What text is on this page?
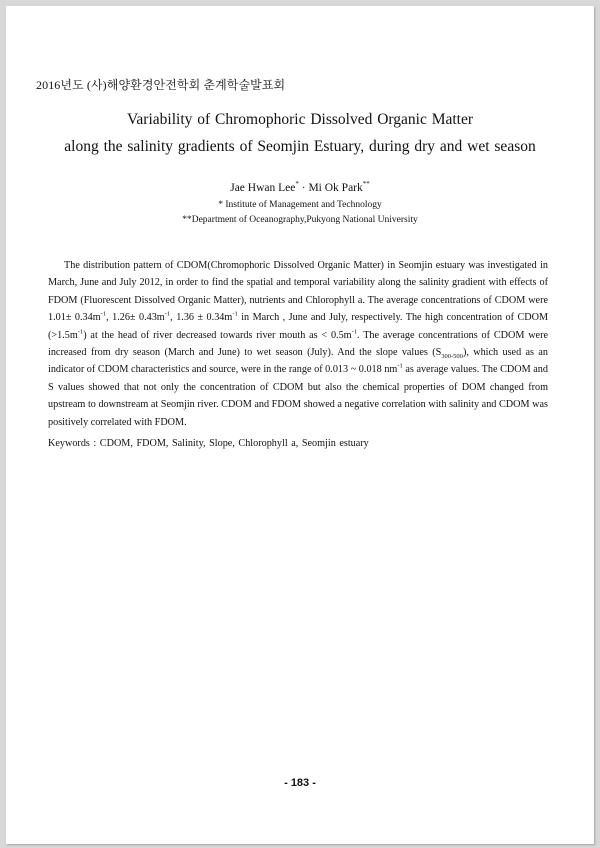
2016년도 (사)해양환경안전학회 춘계학술발표회
Variability of Chromophoric Dissolved Organic Matter
along the salinity gradients of Seomjin Estuary, during dry and wet season
Jae Hwan Lee* · Mi Ok Park**
* Institute of Management and Technology
**Department of Oceanography,Pukyong National University

The distribution pattern of CDOM(Chromophoric Dissolved Organic Matter) in Seomjin estuary was investigated in March, June and July 2012, in order to find the spatial and temporal variability along the salinity gradient with effects of FDOM (Fluorescent Dissolved Organic Matter), nutrients and Chlorophyll a. The average concentrations of CDOM were $1.01\pm 0.34m^{-1}$, $1.26\pm 0.43m^{-1}$, $1.36 \pm 0.34m^{-1}$ in March , June and July, respectively. The high concentration of CDOM $(>1.5m^{-1})$ at the head of river decreased towards river mouth as < $0.5m^{-1}$. The average concentrations of CDOM were increased from dry season (March and June) to wet season (July). And the slope values $(S_{300-500})$, which used as an indicator of CDOM characteristics and source, were in the range of 0.013 ~ 0.018 $nm^{-1}$ as average values. The CDOM and S values showed that not only the concentration of CDOM but also the chemical properties of DOM changed from upstream to downstream at Seomjin river. CDOM and FDOM showed a negative correlation with salinity and CDOM was positively correlated with FDOM.

Keywords : CDOM, FDOM, Salinity, Slope, Chlorophyll a, Seomjin estuary
- 183 -
